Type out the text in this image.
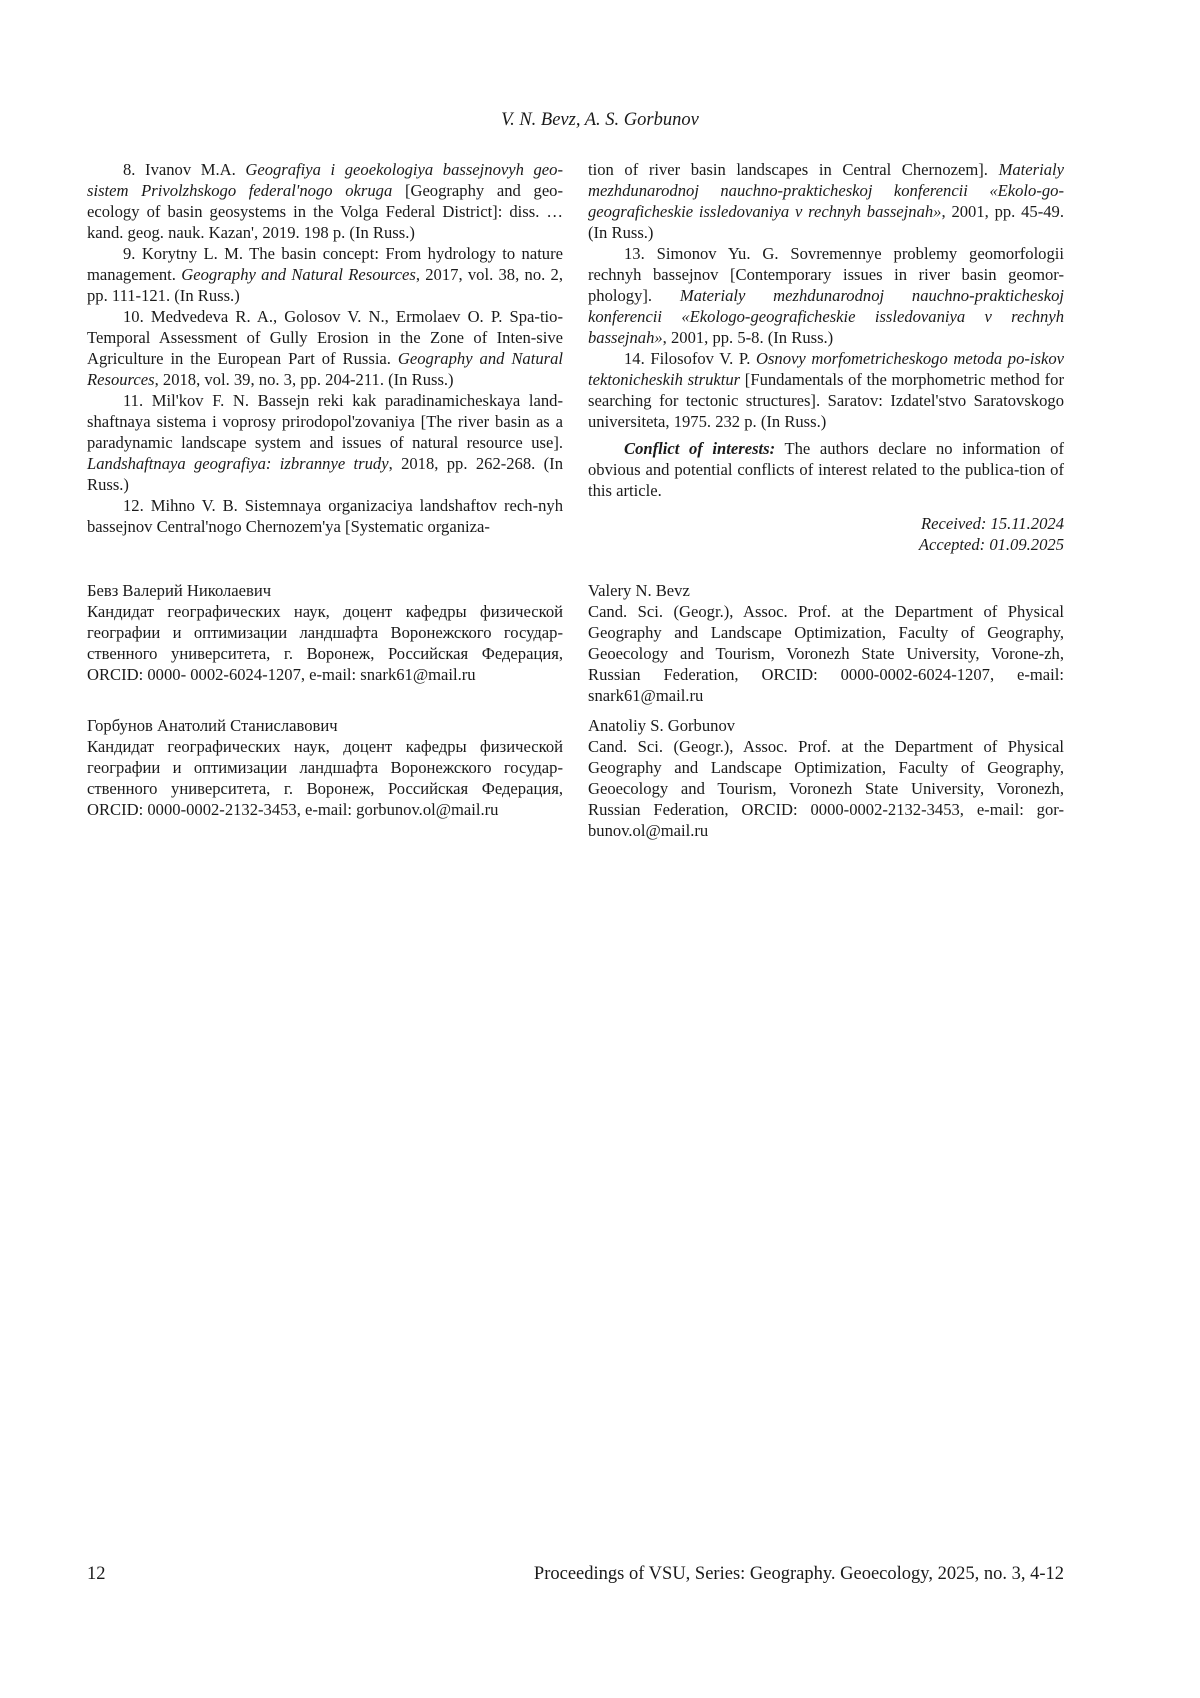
V. N. Bevz, A. S. Gorbunov

8. Ivanov M.A. Geografiya i geoekologiya bassejnovyh geo-sistem Privolzhskogo federal'nogo okruga [Geography and geo-ecology of basin geosystems in the Volga Federal District]: diss. … kand. geog. nauk. Kazan', 2019. 198 p. (In Russ.)

9. Korytny L. M. The basin concept: From hydrology to nature management. Geography and Natural Resources, 2017, vol. 38, no. 2, pp. 111-121. (In Russ.)

10. Medvedeva R. A., Golosov V. N., Ermolaev O. P. Spa-tio-Temporal Assessment of Gully Erosion in the Zone of Inten-sive Agriculture in the European Part of Russia. Geography and Natural Resources, 2018, vol. 39, no. 3, pp. 204-211. (In Russ.)

11. Mil'kov F. N. Bassejn reki kak paradinamicheskaya land-shaftnaya sistema i voprosy prirodopol'zovaniya [The river basin as a paradynamic landscape system and issues of natural resource use]. Landshaftnaya geografiya: izbrannye trudy, 2018, pp. 262-268. (In Russ.)

12. Mihno V. B. Sistemnaya organizaciya landshaftov rech-nyh bassejnov Central'nogo Chernozem'ya [Systematic organiza-

tion of river basin landscapes in Central Chernozem]. Materialy mezhdunarodnoj nauchno-prakticheskoj konferencii «Ekolo-go-geograficheskie issledovaniya v rechnyh bassejnah», 2001, pp. 45-49. (In Russ.)

13. Simonov Yu. G. Sovremennye problemy geomorfologii rechnyh bassejnov [Contemporary issues in river basin geomor-phology]. Materialy mezhdunarodnoj nauchno-prakticheskoj konferencii «Ekologo-geograficheskie issledovaniya v rechnyh bassejnah», 2001, pp. 5-8. (In Russ.)

14. Filosofov V. P. Osnovy morfometricheskogo metoda po-iskov tektonicheskih struktur [Fundamentals of the morphometric method for searching for tectonic structures]. Saratov: Izdatel'stvo Saratovskogo universiteta, 1975. 232 p. (In Russ.)

Conflict of interests: The authors declare no information of obvious and potential conflicts of interest related to the publica-tion of this article.

Received: 15.11.2024
Accepted: 01.09.2025

Бевз Валерий Николаевич

Кандидат географических наук, доцент кафедры физической географии и оптимизации ландшафта Воронежского государ-ственного университета, г. Воронеж, Российская Федерация, ORCID: 0000- 0002-6024-1207, e-mail: snark61@mail.ru

Горбунов Анатолий Станиславович

Кандидат географических наук, доцент кафедры физической географии и оптимизации ландшафта Воронежского государ-ственного университета, г. Воронеж, Российская Федерация, ORCID: 0000-0002-2132-3453, e-mail: gorbunov.ol@mail.ru

Valery N. Bevz

Cand. Sci. (Geogr.), Assoc. Prof. at the Department of Physical Geography and Landscape Optimization, Faculty of Geography, Geoecology and Tourism, Voronezh State University, Vorone-zh, Russian Federation, ORCID: 0000-0002-6024-1207, e-mail: snark61@mail.ru

Anatoliy S. Gorbunov

Cand. Sci. (Geogr.), Assoc. Prof. at the Department of Physical Geography and Landscape Optimization, Faculty of Geography, Geoecology and Tourism, Voronezh State University, Voronezh, Russian Federation, ORCID: 0000-0002-2132-3453, e-mail: gor-bunov.ol@mail.ru

12	Proceedings of VSU, Series: Geography. Geoecology, 2025, no. 3, 4-12
